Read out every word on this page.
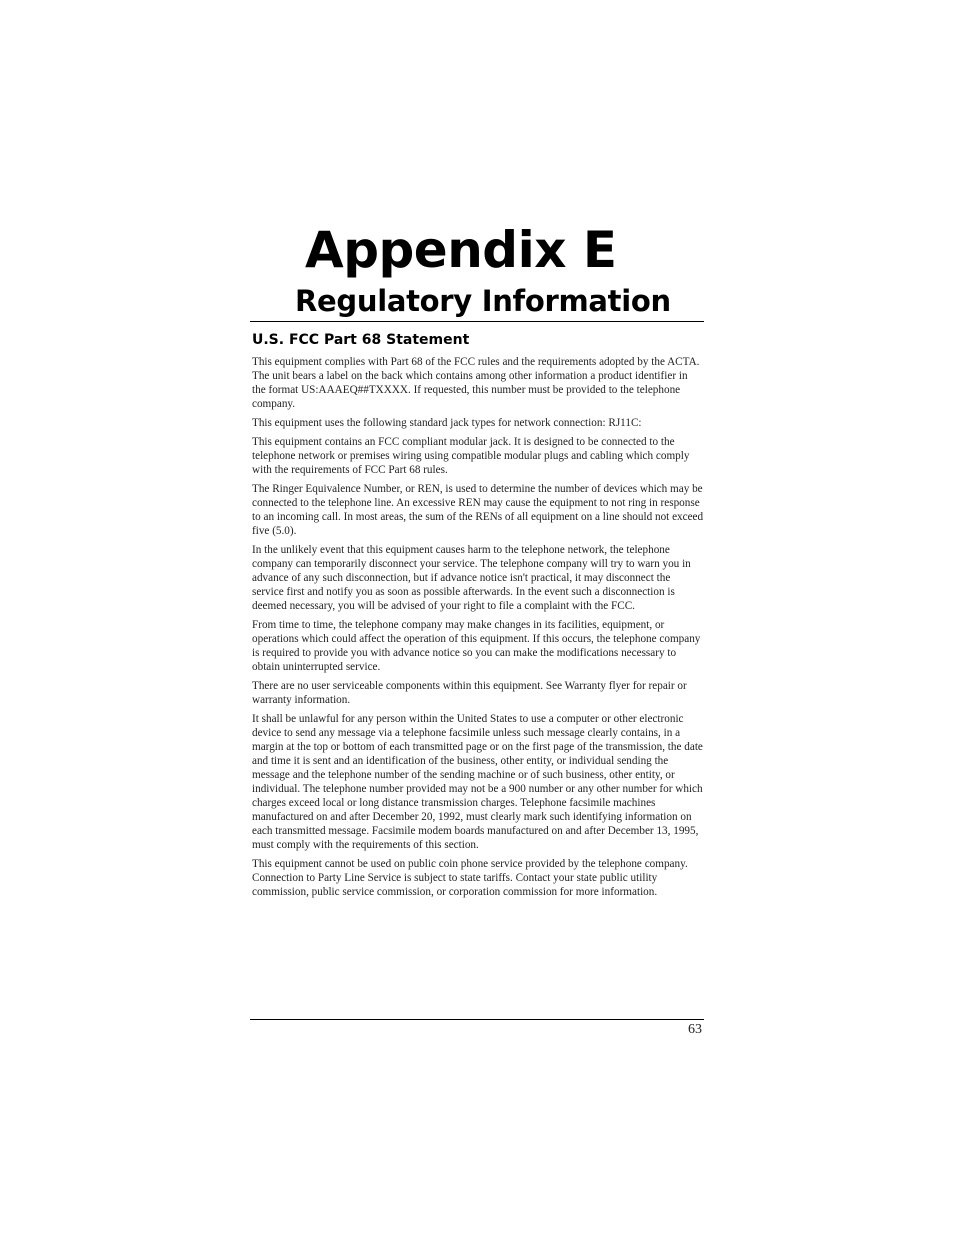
Appendix E
Regulatory Information
U.S. FCC Part 68 Statement

This equipment complies with Part 68 of the FCC rules and the requirements adopted by the ACTA. The unit bears a label on the back which contains among other information a product identifier in the format US:AAAEQ##TXXXX. If requested, this number must be provided to the telephone company.

This equipment uses the following standard jack types for network connection: RJ11C:

This equipment contains an FCC compliant modular jack. It is designed to be connected to the telephone network or premises wiring using compatible modular plugs and cabling which comply with the requirements of FCC Part 68 rules.

The Ringer Equivalence Number, or REN, is used to determine the number of devices which may be connected to the telephone line. An excessive REN may cause the equipment to not ring in response to an incoming call. In most areas, the sum of the RENs of all equipment on a line should not exceed five (5.0).

In the unlikely event that this equipment causes harm to the telephone network, the telephone company can temporarily disconnect your service. The telephone company will try to warn you in advance of any such disconnection, but if advance notice isn't practical, it may disconnect the service first and notify you as soon as possible afterwards. In the event such a disconnection is deemed necessary, you will be advised of your right to file a complaint with the FCC.

From time to time, the telephone company may make changes in its facilities, equipment, or operations which could affect the operation of this equipment. If this occurs, the telephone company is required to provide you with advance notice so you can make the modifications necessary to obtain uninterrupted service.

There are no user serviceable components within this equipment. See Warranty flyer for repair or warranty information.

It shall be unlawful for any person within the United States to use a computer or other electronic device to send any message via a telephone facsimile unless such message clearly contains, in a margin at the top or bottom of each transmitted page or on the first page of the transmission, the date and time it is sent and an identification of the business, other entity, or individual sending the message and the telephone number of the sending machine or of such business, other entity, or individual. The telephone number provided may not be a 900 number or any other number for which charges exceed local or long distance transmission charges. Telephone facsimile machines manufactured on and after December 20, 1992, must clearly mark such identifying information on each transmitted message. Facsimile modem boards manufactured on and after December 13, 1995, must comply with the requirements of this section.

This equipment cannot be used on public coin phone service provided by the telephone company. Connection to Party Line Service is subject to state tariffs. Contact your state public utility commission, public service commission, or corporation commission for more information.

63
